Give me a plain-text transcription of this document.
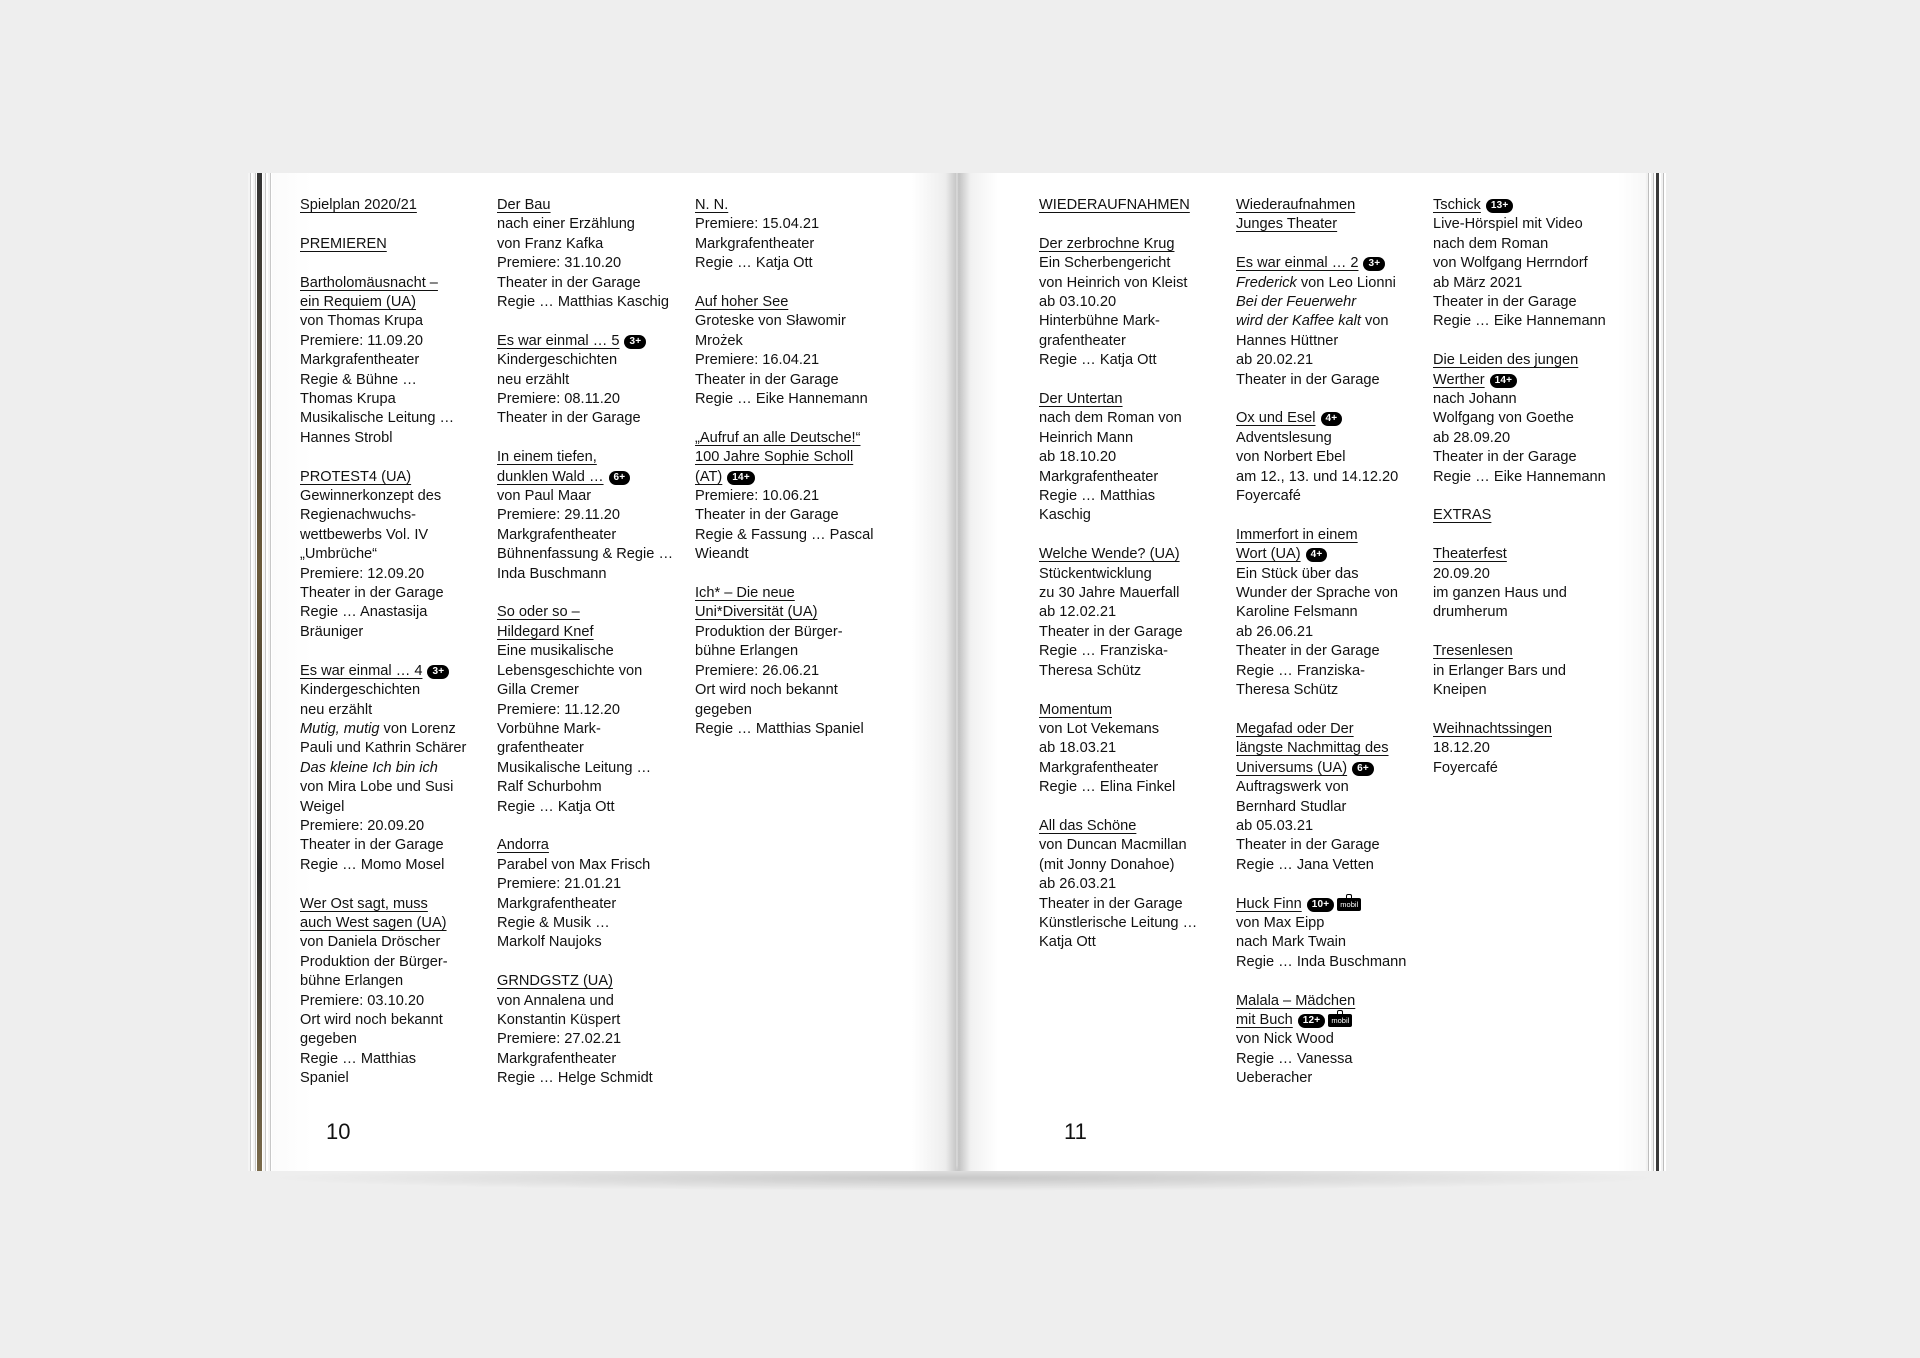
Spielplan 2020/21

PREMIEREN

Bartholomäusnacht –

ein Requiem (UA)

von Thomas Krupa

Premiere: 11.09.20

Markgrafentheater

Regie & Bühne …

Thomas Krupa

Musikalische Leitung …

Hannes Strobl

PROTEST4 (UA)

Gewinnerkonzept des

Regienachwuchs-

wettbewerbs Vol. IV

„Umbrüche“

Premiere: 12.09.20

Theater in der Garage

Regie … Anastasija

Bräuniger

Es war einmal … 4 3+

Kindergeschichten

neu erzählt

Mutig, mutig von Lorenz

Pauli und Kathrin Schärer

Das kleine Ich bin ich

von Mira Lobe und Susi

Weigel

Premiere: 20.09.20

Theater in der Garage

Regie … Momo Mosel

Wer Ost sagt, muss

auch West sagen (UA)

von Daniela Dröscher

Produktion der Bürger-

bühne Erlangen

Premiere: 03.10.20

Ort wird noch bekannt

gegeben

Regie … Matthias

Spaniel

Der Bau

nach einer Erzählung

von Franz Kafka

Premiere: 31.10.20

Theater in der Garage

Regie … Matthias Kaschig

Es war einmal … 5 3+

Kindergeschichten

neu erzählt

Premiere: 08.11.20

Theater in der Garage

In einem tiefen,

dunklen Wald … 6+

von Paul Maar

Premiere: 29.11.20

Markgrafentheater

Bühnenfassung & Regie …

Inda Buschmann

So oder so –

Hildegard Knef

Eine musikalische

Lebensgeschichte von

Gilla Cremer

Premiere: 11.12.20

Vorbühne Mark-

grafentheater

Musikalische Leitung …

Ralf Schurbohm

Regie … Katja Ott

Andorra

Parabel von Max Frisch

Premiere: 21.01.21

Markgrafentheater

Regie & Musik …

Markolf Naujoks

GRNDGSTZ (UA)

von Annalena und

Konstantin Küspert

Premiere: 27.02.21

Markgrafentheater

Regie … Helge Schmidt

N. N.

Premiere: 15.04.21

Markgrafentheater

Regie … Katja Ott

Auf hoher See

Groteske von Sławomir

Mrożek

Premiere: 16.04.21

Theater in der Garage

Regie … Eike Hannemann

„Aufruf an alle Deutsche!“

100 Jahre Sophie Scholl

(AT) 14+

Premiere: 10.06.21

Theater in der Garage

Regie & Fassung … Pascal

Wieandt

Ich* – Die neue

Uni*Diversität (UA)

Produktion der Bürger-

bühne Erlangen

Premiere: 26.06.21

Ort wird noch bekannt

gegeben

Regie … Matthias Spaniel

WIEDERAUFNAHMEN

Der zerbrochne Krug

Ein Scherbengericht

von Heinrich von Kleist

ab 03.10.20

Hinterbühne Mark-

grafentheater

Regie … Katja Ott

Der Untertan

nach dem Roman von

Heinrich Mann

ab 18.10.20

Markgrafentheater

Regie … Matthias

Kaschig

Welche Wende? (UA)

Stückentwicklung

zu 30 Jahre Mauerfall

ab 12.02.21

Theater in der Garage

Regie … Franziska-

Theresa Schütz

Momentum

von Lot Vekemans

ab 18.03.21

Markgrafentheater

Regie … Elina Finkel

All das Schöne

von Duncan Macmillan

(mit Jonny Donahoe)

ab 26.03.21

Theater in der Garage

Künstlerische Leitung …

Katja Ott

Wiederaufnahmen

Junges Theater

Es war einmal … 2 3+

Frederick von Leo Lionni

Bei der Feuerwehr

wird der Kaffee kalt von

Hannes Hüttner

ab 20.02.21

Theater in der Garage

Ox und Esel 4+

Adventslesung

von Norbert Ebel

am 12., 13. und 14.12.20

Foyercafé

Immerfort in einem

Wort (UA) 4+

Ein Stück über das

Wunder der Sprache von

Karoline Felsmann

ab 26.06.21

Theater in der Garage

Regie … Franziska-

Theresa Schütz

Megafad oder Der

längste Nachmittag des

Universums (UA) 6+

Auftragswerk von

Bernhard Studlar

ab 05.03.21

Theater in der Garage

Regie … Jana Vetten

Huck Finn 10+ mobil

von Max Eipp

nach Mark Twain

Regie … Inda Buschmann

Malala – Mädchen

mit Buch 12+ mobil

von Nick Wood

Regie … Vanessa

Ueberacher

Tschick 13+

Live-Hörspiel mit Video

nach dem Roman

von Wolfgang Herrndorf

ab März 2021

Theater in der Garage

Regie … Eike Hannemann

Die Leiden des jungen

Werther 14+

nach Johann

Wolfgang von Goethe

ab 28.09.20

Theater in der Garage

Regie … Eike Hannemann

EXTRAS

Theaterfest

20.09.20

im ganzen Haus und

drumherum

Tresenlesen

in Erlanger Bars und

Kneipen

Weihnachtssingen

18.12.20

Foyercafé

10	11
